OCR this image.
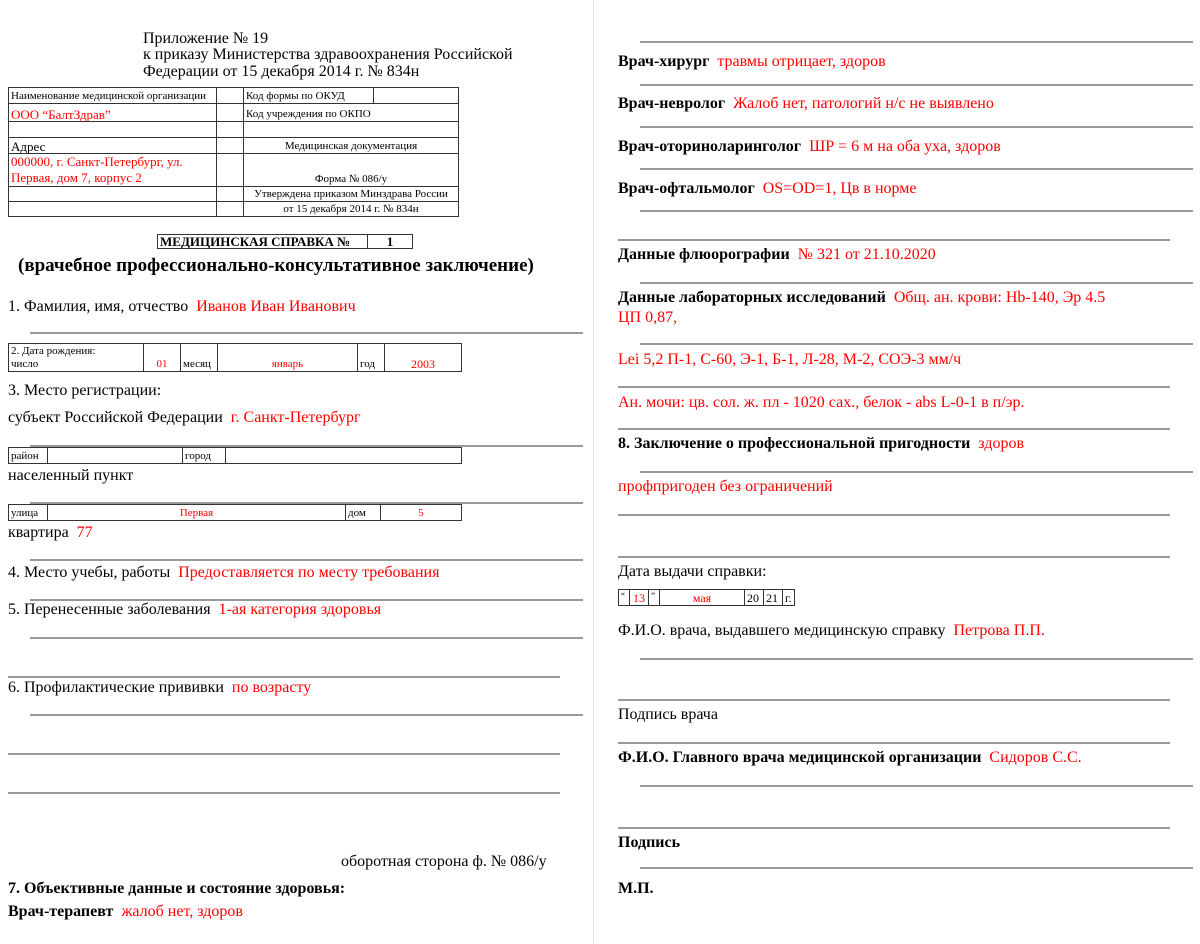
Приложение № 19
к приказу Министерства здравоохранения Российской
Федерации от 15 декабря 2014 г. № 834н
Наименование медицинской организации		Код формы по ОКУД	
ООО “БалтЗдрав”		Код учреждения по ОКПО	

Адрес		Медицинская документация	

000000, г. Санкт-Петербург, ул.
Первая, дом 7, корпус 2		Форма № 086/у	
		Утверждена приказом Минздрава России	
		от 15 декабря 2014 г. № 834н	
МЕДИЦИНСКАЯ СПРАВКА №	1
(врачебное профессионально-консультативное заключение)
1. Фамилия, имя, отчество Иванов Иван Иванович
2. Дата рождения:
число	01	месяц	январь	год	2003
3. Место регистрации:
субъект Российской Федерации г. Санкт-Петербург
район		город	
населенный пункт
улица	Первая	дом	5
квартира 77
4. Место учебы, работы Предоставляется по месту требования
5. Перенесенные заболевания 1-ая категория здоровья
6. Профилактические прививки по возрасту
оборотная сторона ф. № 086/у
7. Объективные данные и состояние здоровья:
Врач-терапевт жалоб нет, здоров
Врач-хирург травмы отрицает, здоров
Врач-невролог Жалоб нет, патологий н/с не выявлено
Врач-оториноларинголог ШР = 6 м на оба уха, здоров
Врач-офтальмолог OS=OD=1, Цв в норме
Данные флюорографии № 321 от 21.10.2020
Данные лабораторных исследований Общ. ан. крови: Hb-140, Эр 4.5
ЦП 0,87,
Lei 5,2 П-1, С-60, Э-1, Б-1, Л-28, М-2, СОЭ-3 мм/ч
Ан. мочи: цв. сол. ж. пл - 1020 сах., белок - abs L-0-1 в п/эр.
8. Заключение о профессиональной пригодности здоров
профпригоден без ограничений
Дата выдачи справки:
“	13	”	мая	20	21	г.
Ф.И.О. врача, выдавшего медицинскую справку Петрова П.П.
Подпись врача
Ф.И.О. Главного врача медицинской организации Сидоров С.С.
Подпись
М.П.
